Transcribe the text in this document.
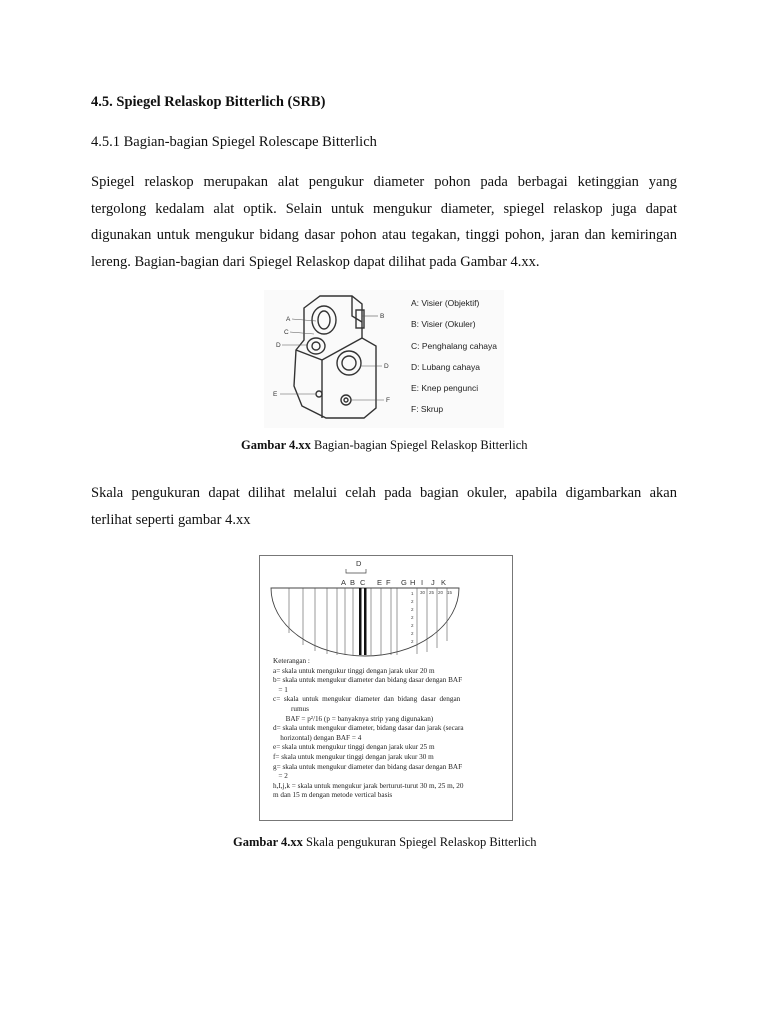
4.5. Spiegel Relaskop Bitterlich (SRB)
4.5.1 Bagian-bagian Spiegel Rolescape Bitterlich
Spiegel relaskop merupakan alat pengukur diameter pohon pada berbagai ketinggian yang
tergolong kedalam alat optik. Selain untuk mengukur diameter, spiegel relaskop juga dapat
digunakan untuk mengukur bidang dasar pohon atau tegakan, tinggi pohon, jaran dan kemiringan
lereng. Bagian-bagian dari Spiegel Relaskop dapat dilihat pada Gambar 4.xx.
A	B
C
D
D
E
F
A: Visier (Objektif)
B: Visier (Okuler)
C: Penghalang cahaya
D: Lubang cahaya
E: Knep pengunci
F: Skrup
Gambar 4.xx Bagian-bagian Spiegel Relaskop Bitterlich
Skala pengukuran dapat dilihat melalui celah pada bagian okuler, apabila digambarkan akan
terlihat seperti gambar 4.xx
D
A B C E F G H I J K
1
2
2
2
2
2
2
30 25 20 15
Keterangan :
a= skala untuk mengukur tinggi dengan jarak ukur 20 m
b= skala untuk mengukur diameter dan bidang dasar dengan BAF
= 1
c=  skala  untuk  mengukur  diameter  dan  bidang  dasar  dengan
rumus
BAF = p²/16 (p = banyaknya strip yang digunakan)
d= skala untuk mengukur diameter, bidang dasar dan jarak (secara
horizontal) dengan BAF = 4
e= skala untuk mengukur tinggi dengan jarak ukur 25 m
f= skala untuk mengukur tinggi dengan jarak ukur 30 m
g= skala untuk mengukur diameter dan bidang dasar dengan BAF
= 2
h,I,j,k = skala untuk mengukur jarak berturut-turut 30 m, 25 m, 20
m dan 15 m dengan metode vertical basis
Gambar 4.xx Skala pengukuran Spiegel Relaskop Bitterlich
